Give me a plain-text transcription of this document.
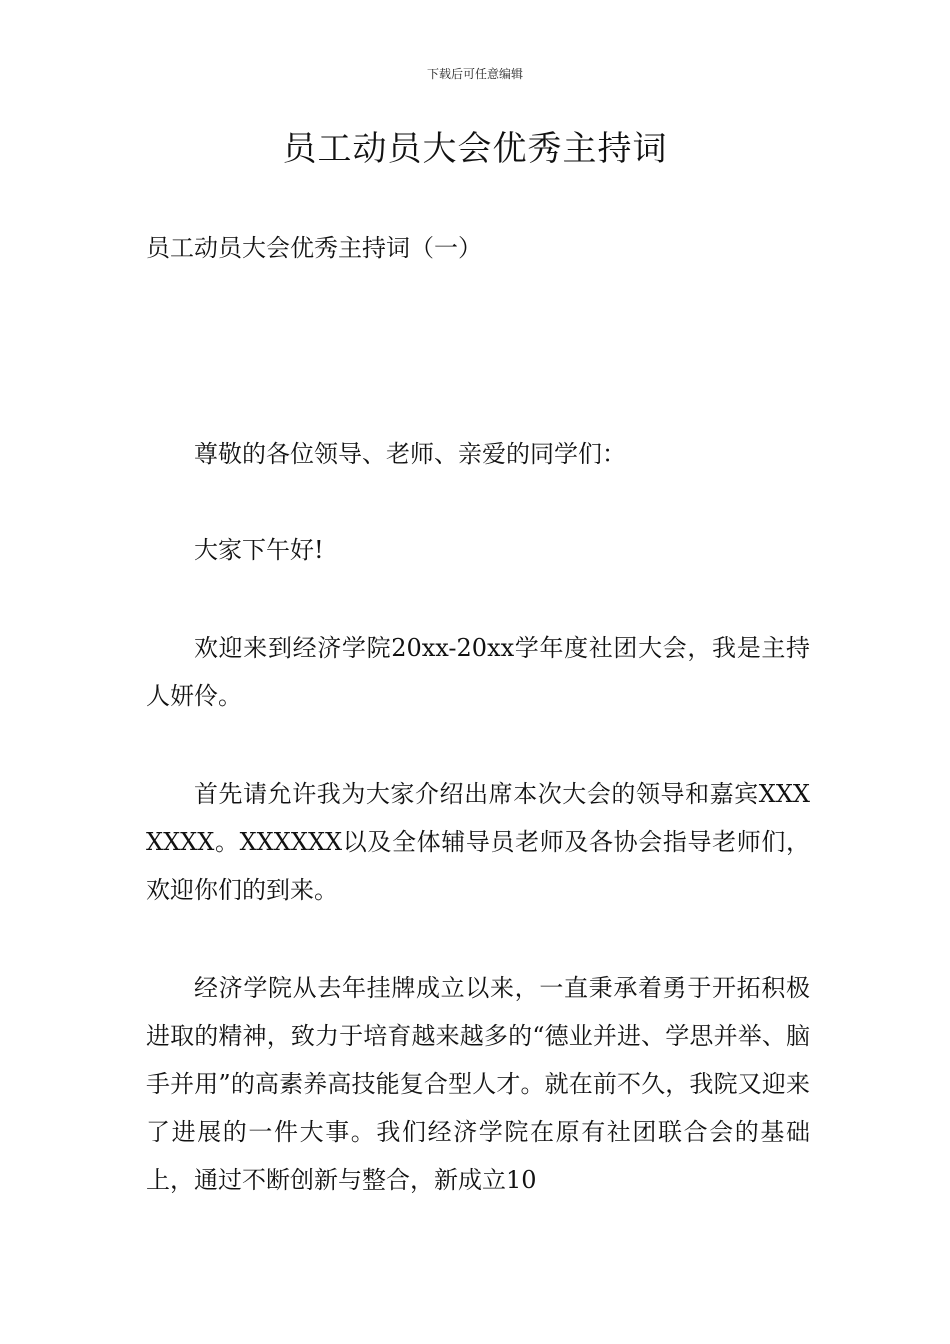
下载后可任意编辑
员工动员大会优秀主持词

员工动员大会优秀主持词（一）

尊敬的各位领导、老师、亲爱的同学们：

大家下午好!

欢迎来到经济学院20xx-20xx学年度社团大会，我是主持人妍伶。

首先请允许我为大家介绍出席本次大会的领导和嘉宾XXXXXXX。XXXXXX以及全体辅导员老师及各协会指导老师们，欢迎你们的到来。

经济学院从去年挂牌成立以来，一直秉承着勇于开拓积极进取的精神，致力于培育越来越多的“德业并进、学思并举、脑手并用”的高素养高技能复合型人才。就在前不久，我院又迎来了进展的一件大事。我们经济学院在原有社团联合会的基础上，通过不断创新与整合，新成立10
